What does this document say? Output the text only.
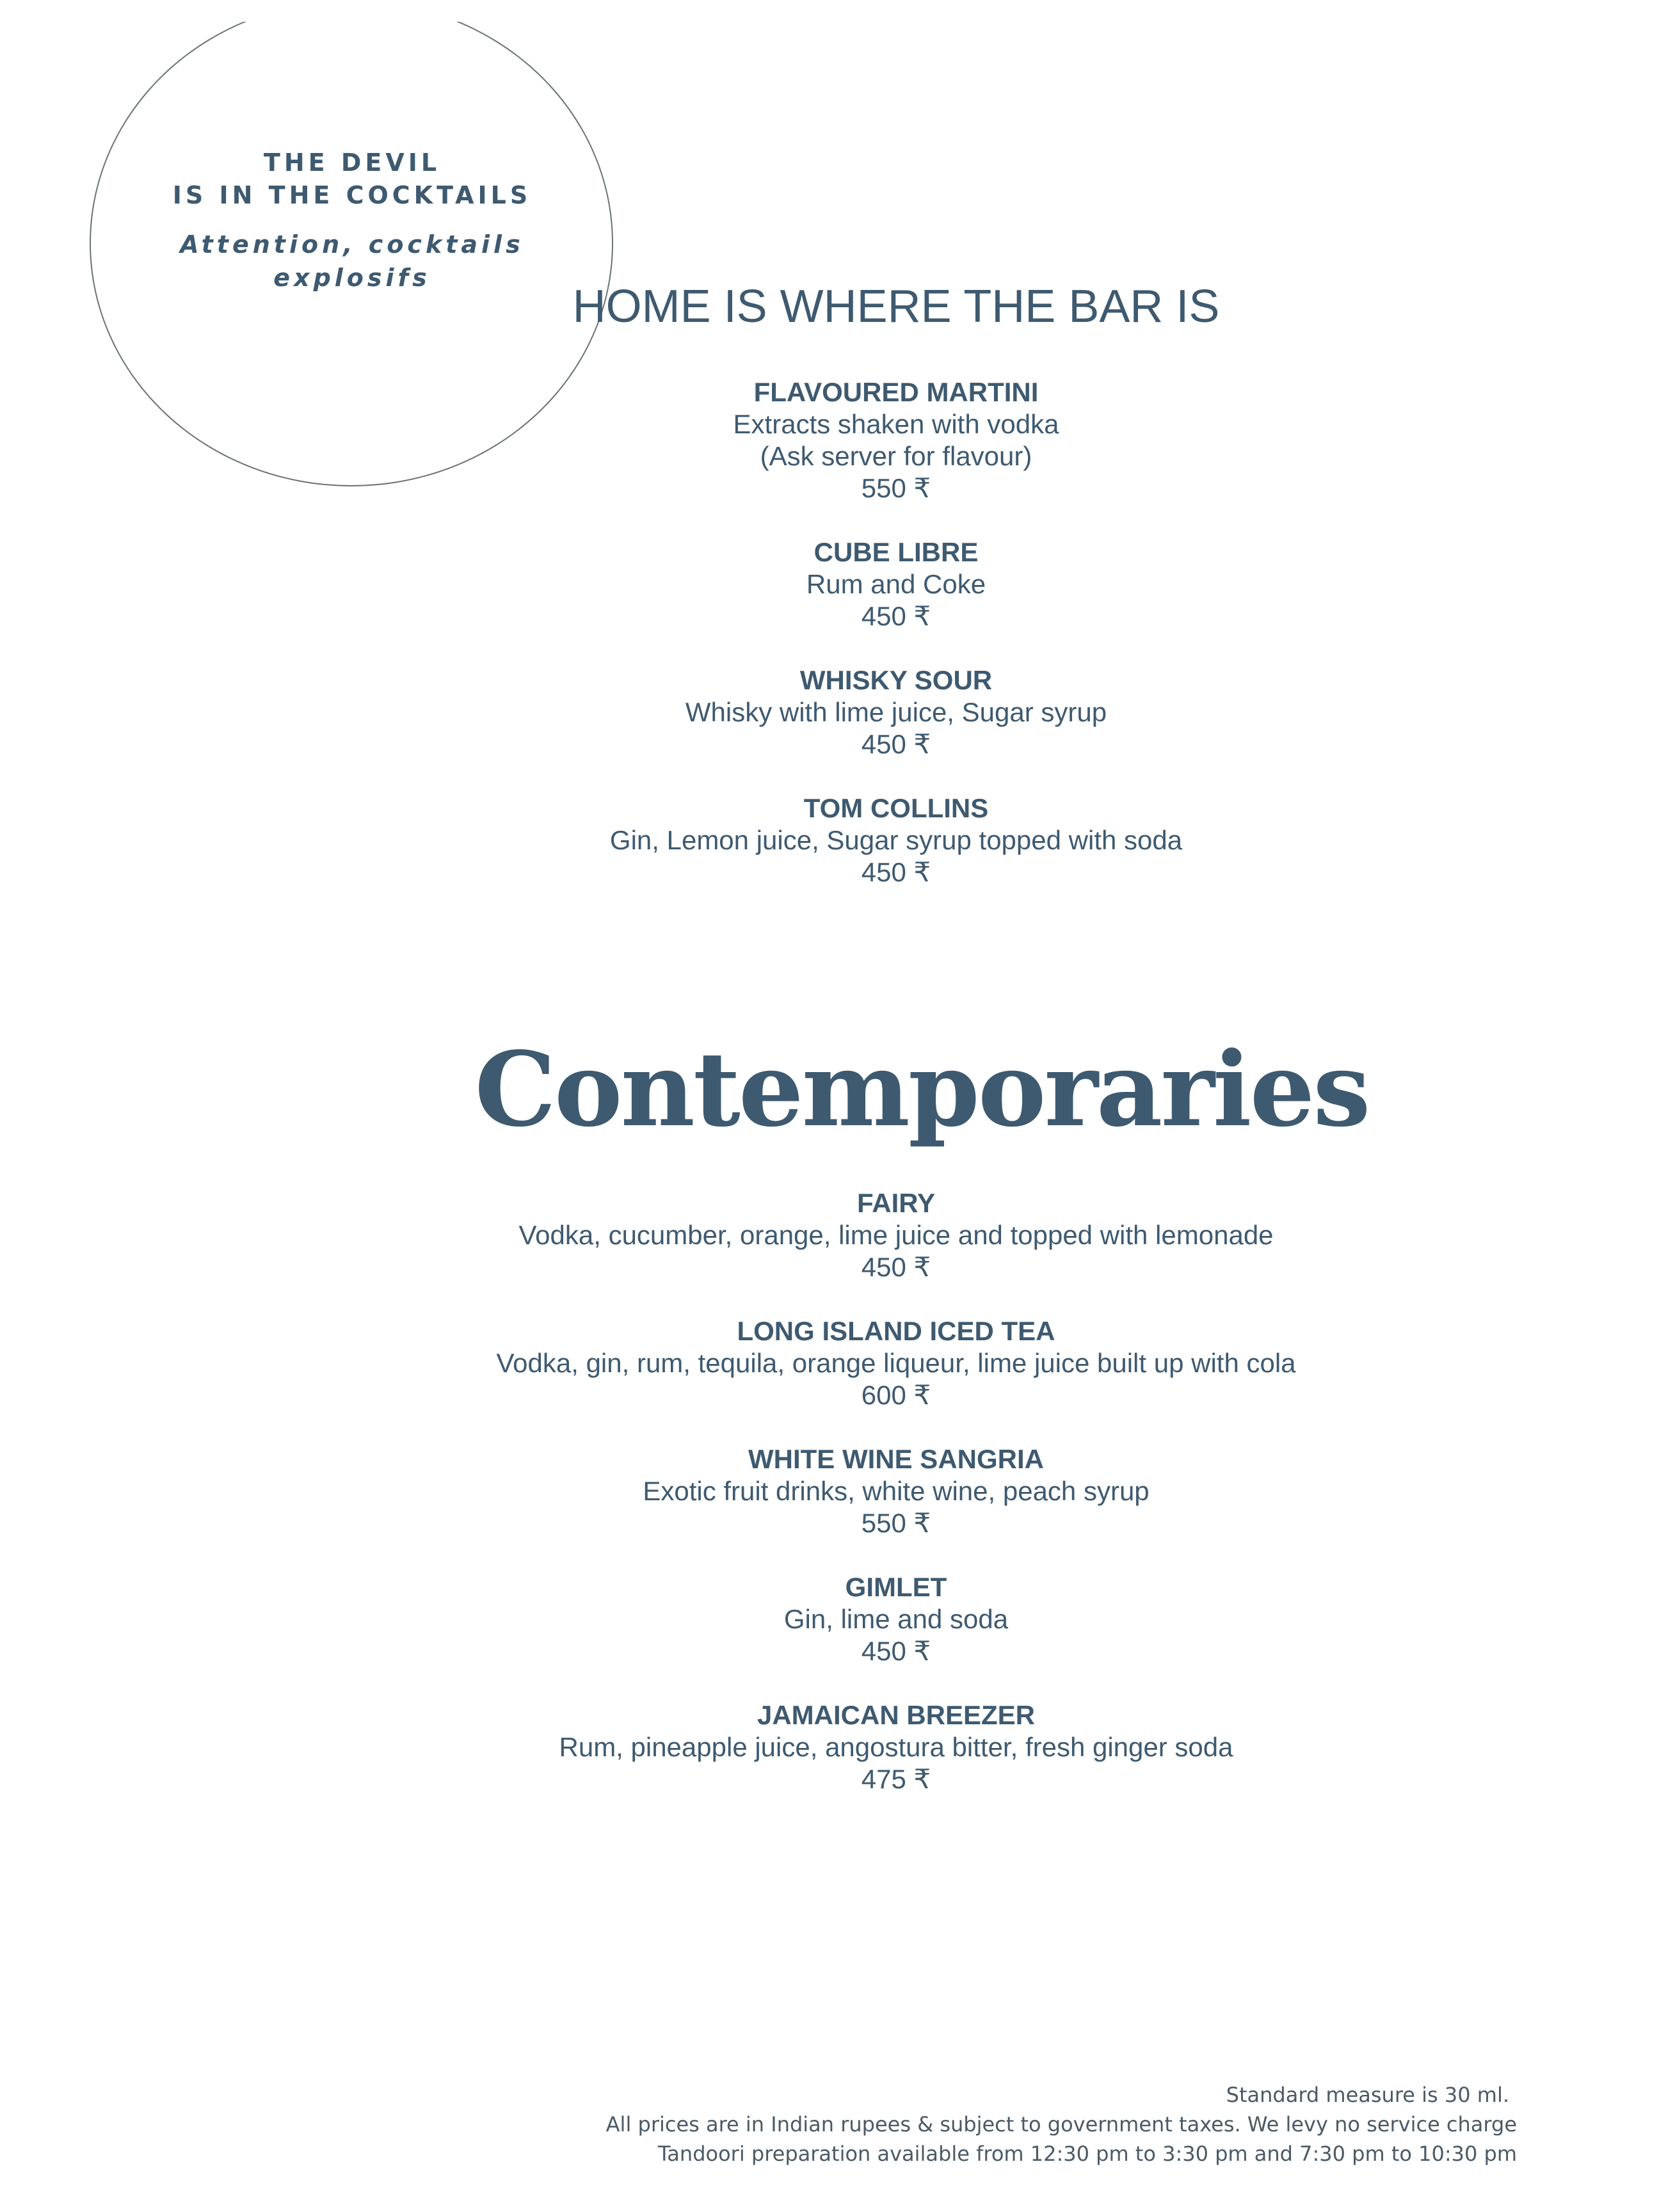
THE DEVIL
IS IN THE COCKTAILS
Attention, cocktails
explosifs
HOME IS WHERE THE BAR IS
FLAVOURED MARTINI
Extracts shaken with vodka
(Ask server for flavour)
550 ₹
CUBE LIBRE
Rum and Coke
450 ₹
WHISKY SOUR
Whisky with lime juice, Sugar syrup
450 ₹
TOM COLLINS
Gin, Lemon juice, Sugar syrup topped with soda
450 ₹
Contemporaries
FAIRY
Vodka, cucumber, orange, lime juice and topped with lemonade
450 ₹
LONG ISLAND ICED TEA
Vodka, gin, rum, tequila, orange liqueur, lime juice built up with cola
600 ₹
WHITE WINE SANGRIA
Exotic fruit drinks, white wine, peach syrup
550 ₹
GIMLET
Gin, lime and soda
450 ₹
JAMAICAN BREEZER
Rum, pineapple juice, angostura bitter, fresh ginger soda
475 ₹
Standard measure is 30 ml.
All prices are in Indian rupees & subject to government taxes. We levy no service charge
Tandoori preparation available from 12:30 pm to 3:30 pm and 7:30 pm to 10:30 pm
